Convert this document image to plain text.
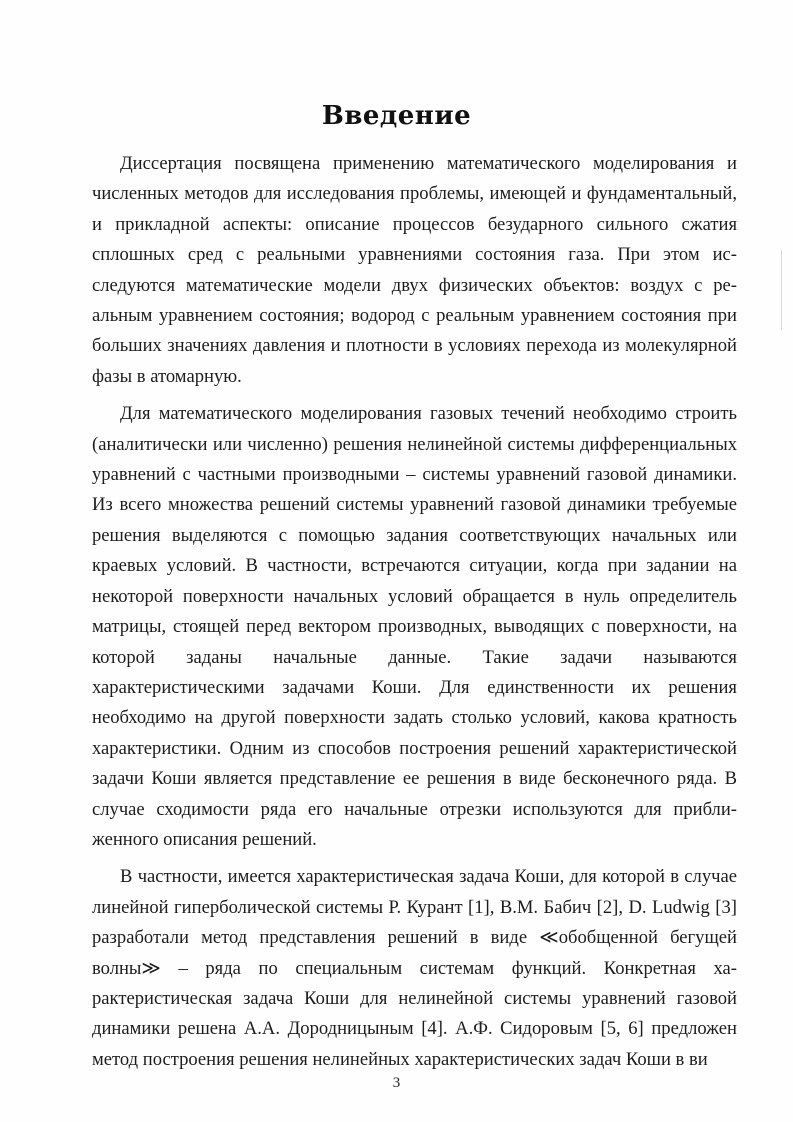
Введение

Диссертация посвящена применению математического моделирования и численных методов для исследования проблемы, имеющей и фундаментальный, и прикладной аспекты: описание процессов безударного сильного сжатия сплошных сред с реальными уравнениями состояния газа. При этом исследуются математические модели двух физических объектов: воздух с реальным уравнением состояния; водород с реальным уравнением состояния при больших значениях давления и плотности в условиях перехода из молекулярной фазы в атомарную.

Для математического моделирования газовых течений необходимо строить (аналитически или численно) решения нелинейной системы дифференциальных уравнений с частными производными – системы уравнений газовой динамики. Из всего множества решений системы уравнений газовой динамики требуемые решения выделяются с помощью задания соответствующих начальных или краевых условий. В частности, встречаются ситуации, когда при задании на некоторой поверхности начальных условий обращается в нуль определитель матрицы, стоящей перед вектором производных, выводящих с поверхности, на которой заданы начальные данные. Такие задачи называются характеристическими задачами Коши. Для единственности их решения необходимо на другой поверхности задать столько условий, какова кратность характеристики. Одним из способов построения решений характеристической задачи Коши является представление ее решения в виде бесконечного ряда. В случае сходимости ряда его начальные отрезки используются для приближенного описания решений.

В частности, имеется характеристическая задача Коши, для которой в случае линейной гиперболической системы Р. Курант [1], В.М. Бабич [2], D. Ludwig [3] разработали метод представления решений в виде ≪обобщенной бегущей волны≫ – ряда по специальным системам функций. Конкретная характеристическая задача Коши для нелинейной системы уравнений газовой динамики решена А.А. Дородницыным [4]. А.Ф. Сидоровым [5, 6] предложен метод построения решения нелинейных характеристических задач Коши в ви

3
